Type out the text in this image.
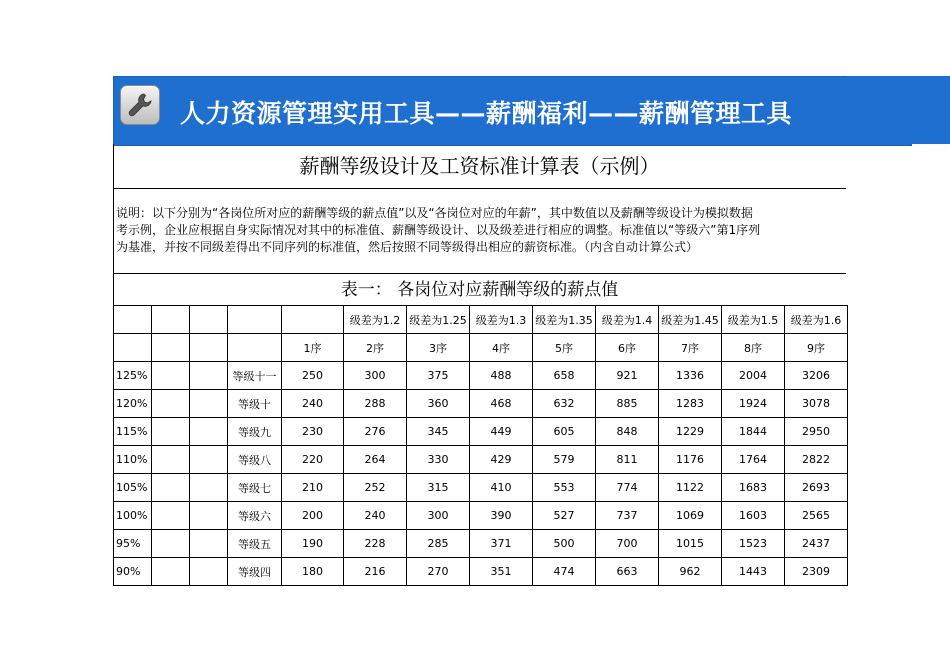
人力资源管理实用工具——薪酬福利——薪酬管理工具
薪酬等级设计及工资标准计算表（示例）
说明：以下分别为“各岗位所对应的薪酬等级的薪点值”以及“各岗位对应的年薪”，其中数值以及薪酬等级设计为模拟数据
考示例，企业应根据自身实际情况对其中的标准值、薪酬等级设计、以及级差进行相应的调整。标准值以“等级六”第1序列
为基准，并按不同级差得出不同序列的标准值，然后按照不同等级得出相应的薪资标准。（内含自动计算公式）
表一： 各岗位对应薪酬等级的薪点值
					级差为1.2	级差为1.25	级差为1.3	级差为1.35	级差为1.4	级差为1.45	级差为1.5	级差为1.6
				1序	2序	3序	4序	5序	6序	7序	8序	9序
125%			等级十一	250	300	375	488	658	921	1336	2004	3206
120%			等级十	240	288	360	468	632	885	1283	1924	3078
115%			等级九	230	276	345	449	605	848	1229	1844	2950
110%			等级八	220	264	330	429	579	811	1176	1764	2822
105%			等级七	210	252	315	410	553	774	1122	1683	2693
100%			等级六	200	240	300	390	527	737	1069	1603	2565
95%			等级五	190	228	285	371	500	700	1015	1523	2437
90%			等级四	180	216	270	351	474	663	962	1443	2309
